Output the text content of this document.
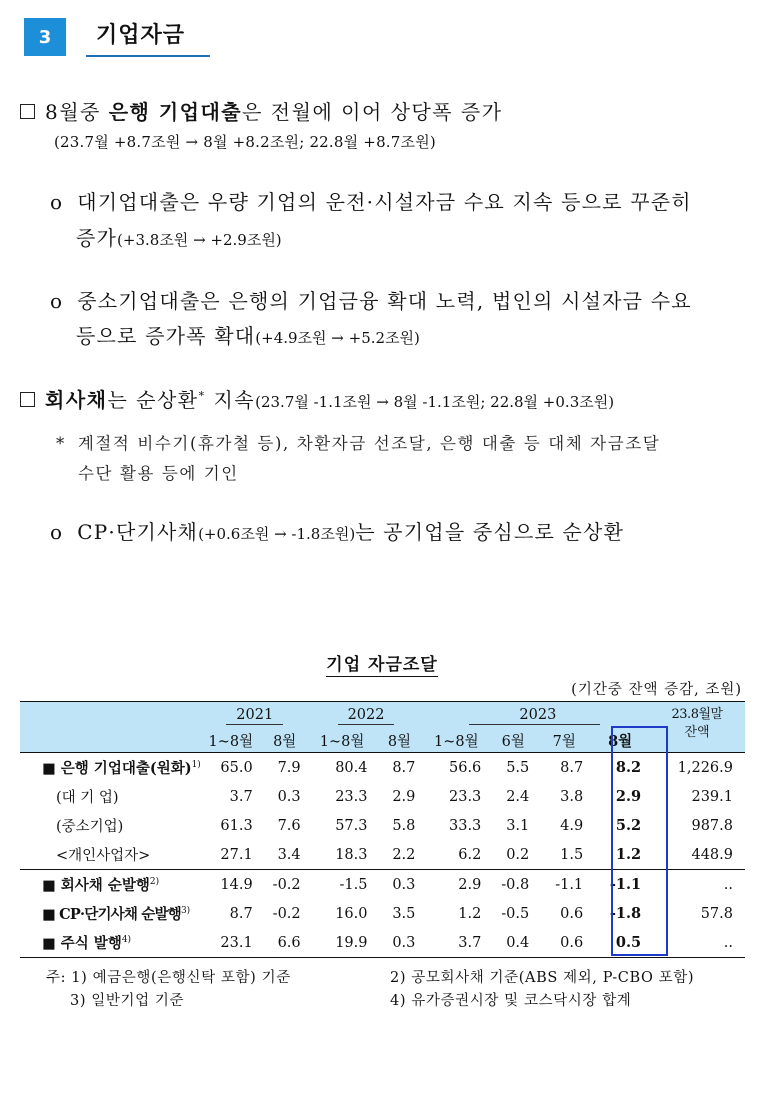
3	기업자금
8월중 은행 기업대출은 전월에 이어 상당폭 증가
(23.7월 +8.7조원 → 8월 +8.2조원; 22.8월 +8.7조원)
o 대기업대출은 우량 기업의 운전·시설자금 수요 지속 등으로 꾸준히
증가(+3.8조원 → +2.9조원)
o 중소기업대출은 은행의 기업금융 확대 노력, 법인의 시설자금 수요
등으로 증가폭 확대(+4.9조원 → +5.2조원)
회사채는 순상환* 지속(23.7월 -1.1조원 → 8월 -1.1조원; 22.8월 +0.3조원)
* 계절적 비수기(휴가철 등), 차환자금 선조달, 은행 대출 등 대체 자금조달
수단 활용 등에 기인
o CP·단기사채(+0.6조원 → -1.8조원)는 공기업을 중심으로 순상환
기업 자금조달
(기간중 잔액 증감, 조원)
	2021		2022		2023				23.8월말
잔액
	1~8월	8월	1~8월	8월	1~8월	6월	7월	8월	
■ 은행 기업대출(원화)$^{1)}$	65.0	7.9	80.4	8.7	56.6	5.5	8.7	8.2	1,226.9
(대 기 업)	3.7	0.3	23.3	2.9	23.3	2.4	3.8	2.9	239.1
(중소기업)	61.3	7.6	57.3	5.8	33.3	3.1	4.9	5.2	987.8
<개인사업자>	27.1	3.4	18.3	2.2	6.2	0.2	1.5	1.2	448.9
■ 회사채 순발행$^{2)}$	14.9	-0.2	-1.5	0.3	2.9	-0.8	-1.1	-1.1	..
■ CP·단기사채 순발행$^{3)}$	8.7	-0.2	16.0	3.5	1.2	-0.5	0.6	-1.8	57.8
■ 주식 발행$^{4)}$	23.1	6.6	19.9	0.3	3.7	0.4	0.6	0.5	..
주: 1) 예금은행(은행신탁 포함) 기준	2) 공모회사채 기준(ABS 제외, P-CBO 포함)
3) 일반기업 기준	4) 유가증권시장 및 코스닥시장 합계
